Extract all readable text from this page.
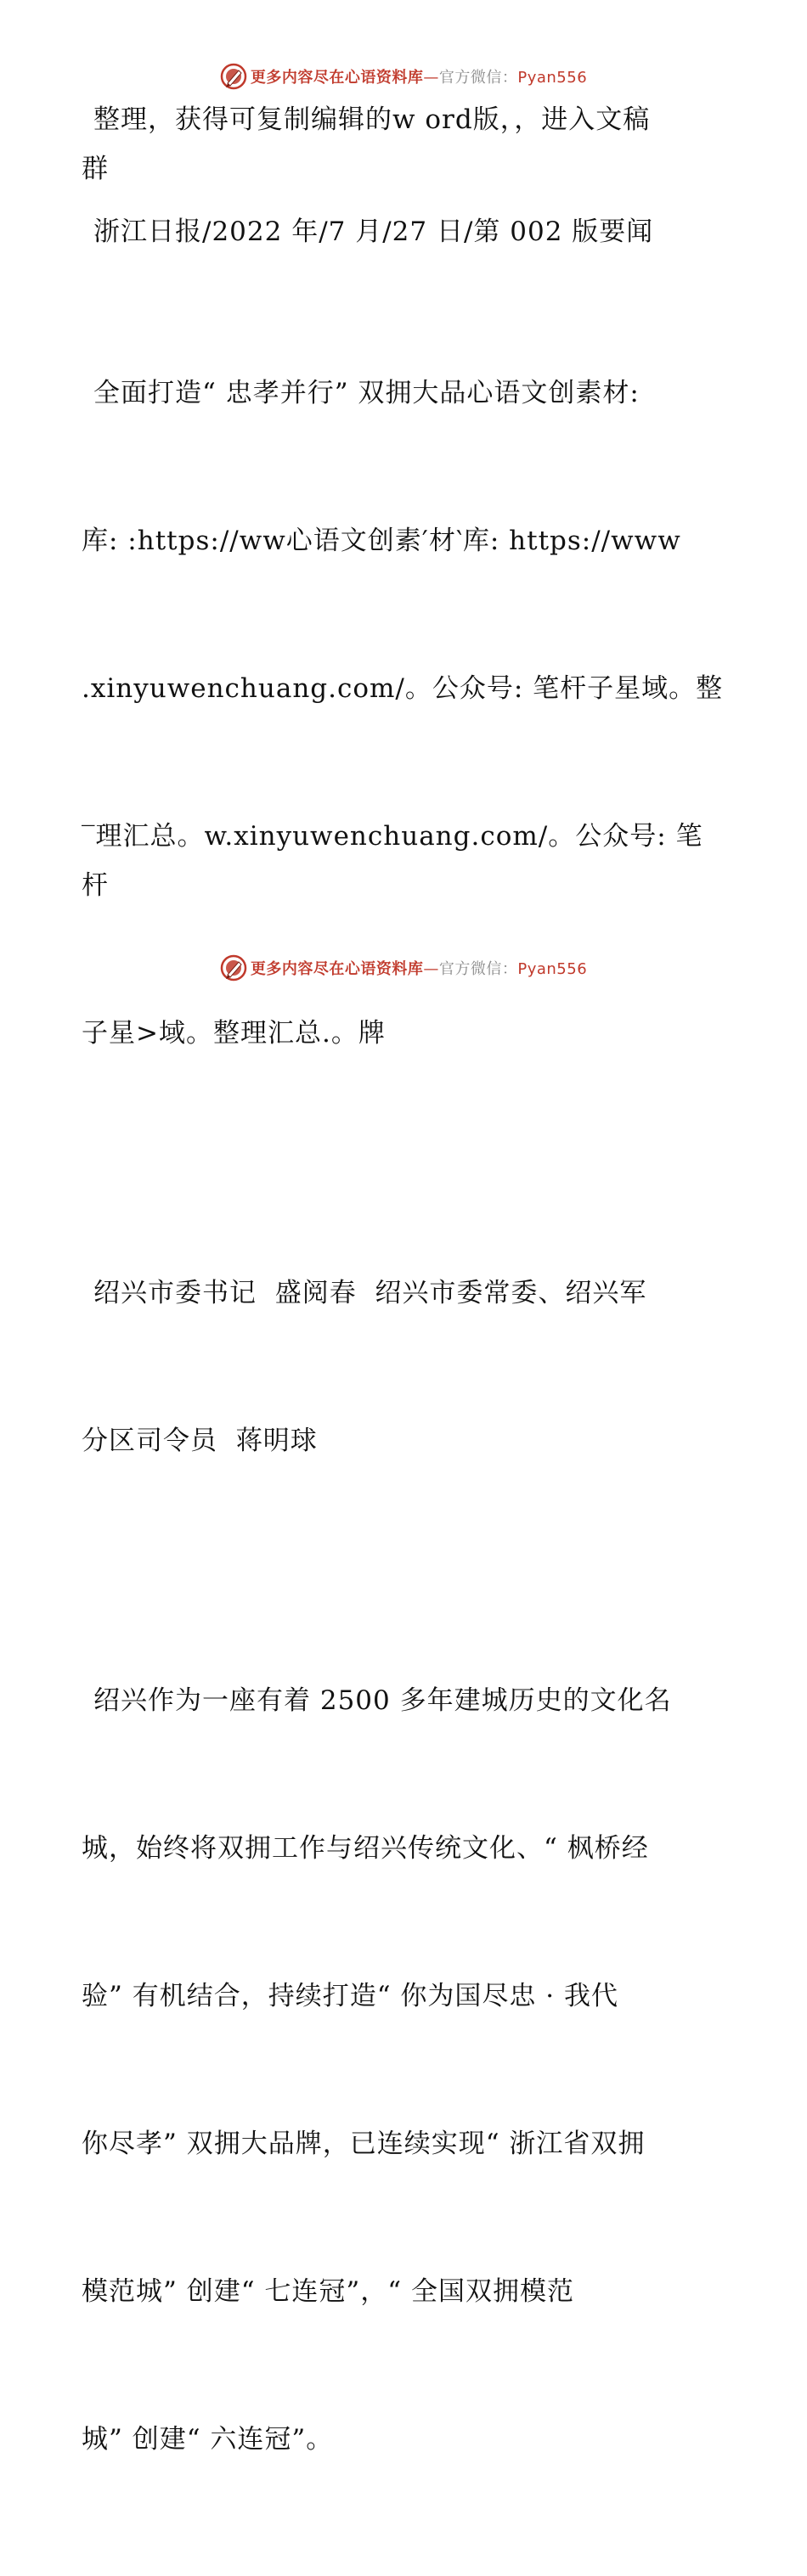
更多内容尽在心语资料库—官方微信：Pyan556
整理，获得可复制编辑的w ord版，，进入文稿
群
浙江日报/2022 年/7 月/27 日/第 002 版要闻

全面打造“ 忠孝并行” 双拥大品心语文创素材:

库: :https://ww心语文创素′材‵库: https://www

.xinyuwenchuang.com/。公众号: 笔杆子星域。整

‾理汇总。w.xinyuwenchuang.com/。公众号: 笔杆

子星>域。整理汇总.。牌

绍兴市委书记  盛阅春  绍兴市委常委、绍兴军

分区司令员  蒋明球

绍兴作为一座有着 2500 多年建城历史的文化名

城，始终将双拥工作与绍兴传统文化、“ 枫桥经

验” 有机结合，持续打造“ 你为国尽忠 · 我代

你尽孝” 双拥大品牌，已连续实现“ 浙江省双拥

模范城” 创建“ 七连冠”，“ 全国双拥模范

城” 创建“ 六连冠”。

更多内容尽在心语资料库—官方微信：Pyan556
